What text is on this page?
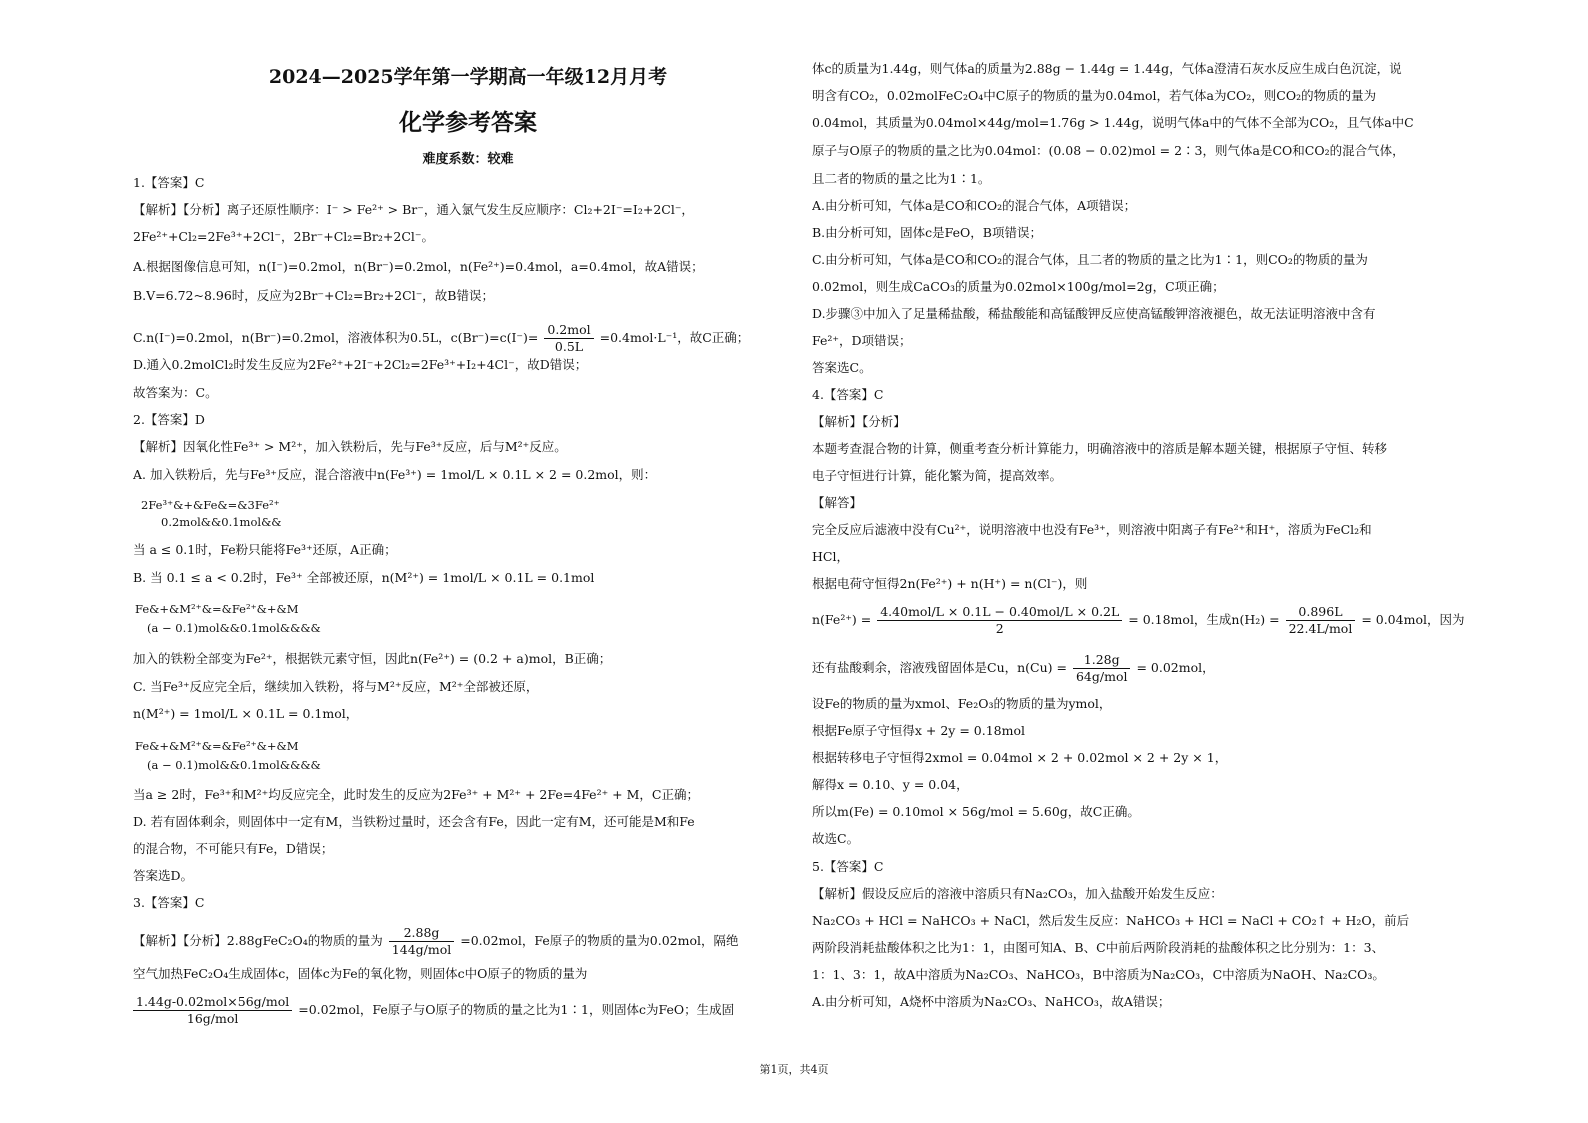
2024—2025学年第一学期高一年级12月月考
化学参考答案
难度系数：较难
1.【答案】C
【解析】【分析】离子还原性顺序：I⁻ > Fe²⁺ > Br⁻，通入氯气发生反应顺序：Cl₂+2I⁻=I₂+2Cl⁻，
2Fe²⁺+Cl₂=2Fe³⁺+2Cl⁻，2Br⁻+Cl₂=Br₂+2Cl⁻。
A.根据图像信息可知，n(I⁻)=0.2mol，n(Br⁻)=0.2mol，n(Fe²⁺)=0.4mol，a=0.4mol，故A错误；
B.V=6.72~8.96时，反应为2Br⁻+Cl₂=Br₂+2Cl⁻，故B错误；
C.n(I⁻)=0.2mol，n(Br⁻)=0.2mol，溶液体积为0.5L，$c(Br^-)=c(I^-)= \frac{\text{0.2mol}}{0.5L} =0.4mol\cdot L^{-1}$，故C正确；
D.通入0.2molCl₂时发生反应为2Fe²⁺+2I⁻+2Cl₂=2Fe³⁺+I₂+4Cl⁻，故D错误；
故答案为：C。
2.【答案】D
【解析】因氧化性Fe³⁺ > M²⁺，加入铁粉后，先与Fe³⁺反应，后与M²⁺反应。
A. 加入铁粉后，先与Fe³⁺反应，混合溶液中n(Fe³⁺) = 1mol/L × 0.1L × 2 = 0.2mol，则：
2Fe³⁺&+&Fe&=&3Fe²⁺
0.2mol&&0.1mol&&
当 a ≤ 0.1时，Fe粉只能将Fe³⁺还原，A正确；
B. 当 0.1 ≤ a < 0.2时，Fe³⁺ 全部被还原，n(M²⁺) = 1mol/L × 0.1L = 0.1mol
Fe&+&M²⁺&=&Fe²⁺&+&M
(a − 0.1)mol&&0.1mol&&&&
加入的铁粉全部变为Fe²⁺，根据铁元素守恒，因此n(Fe²⁺) = (0.2 + a)mol，B正确；
C. 当Fe³⁺反应完全后，继续加入铁粉，将与M²⁺反应，M²⁺全部被还原，
n(M²⁺) = 1mol/L × 0.1L = 0.1mol，
Fe&+&M²⁺&=&Fe²⁺&+&M
(a − 0.1)mol&&0.1mol&&&&
当a ≥ 2时，Fe³⁺和M²⁺均反应完全，此时发生的反应为2Fe³⁺ + M²⁺ + 2Fe=4Fe²⁺ + M，C正确；
D. 若有固体剩余，则固体中一定有M，当铁粉过量时，还会含有Fe，因此一定有M，还可能是M和Fe
的混合物，不可能只有Fe，D错误；
答案选D。
3.【答案】C
【解析】【分析】2.88gFeC₂O₄的物质的量为 $\frac{2.88g}{\text{144g/mol}} =0.02mol$，Fe原子的物质的量为0.02mol，隔绝
空气加热FeC₂O₄生成固体c，固体c为Fe的氧化物，则固体c中O原子的物质的量为
$\frac{\text{1.44g-0.02mol×56g/mol}}{\text{16g/mol}} =0.02mol$，Fe原子与O原子的物质的量之比为1∶1，则固体c为FeO；生成固
体c的质量为1.44g，则气体a的质量为2.88g − 1.44g = 1.44g，气体a澄清石灰水反应生成白色沉淀，说
明含有CO₂，0.02molFeC₂O₄中C原子的物质的量为0.04mol，若气体a为CO₂，则CO₂的物质的量为
0.04mol，其质量为0.04mol×44g/mol=1.76g > 1.44g，说明气体a中的气体不全部为CO₂，且气体a中C
原子与O原子的物质的量之比为0.04mol：(0.08 − 0.02)mol = 2∶3，则气体a是CO和CO₂的混合气体，
且二者的物质的量之比为1∶1。
A.由分析可知，气体a是CO和CO₂的混合气体，A项错误；
B.由分析可知，固体c是FeO，B项错误；
C.由分析可知，气体a是CO和CO₂的混合气体，且二者的物质的量之比为1∶1，则CO₂的物质的量为
0.02mol，则生成CaCO₃的质量为0.02mol×100g/mol=2g，C项正确；
D.步骤③中加入了足量稀盐酸，稀盐酸能和高锰酸钾反应使高锰酸钾溶液褪色，故无法证明溶液中含有
Fe²⁺，D项错误；
答案选C。
4.【答案】C
【解析】【分析】
本题考查混合物的计算，侧重考查分析计算能力，明确溶液中的溶质是解本题关键，根据原子守恒、转移
电子守恒进行计算，能化繁为简，提高效率。
【解答】
完全反应后滤液中没有Cu²⁺，说明溶液中也没有Fe³⁺，则溶液中阳离子有Fe²⁺和H⁺，溶质为FeCl₂和
HCl，
根据电荷守恒得2n(Fe²⁺) + n(H⁺) = n(Cl⁻)，则
$n(Fe^{2+}) = \frac{\text{4.40mol/L × 0.1L − 0.40mol/L × 0.2L}}{2} = 0.18mol$，生成$n(H_2) = \frac{0.896L}{\text{22.4L/mol}} = 0.04mol$，因为
还有盐酸剩余，溶液残留固体是Cu，$n(Cu) = \frac{1.28g}{\text{64g/mol}} = 0.02mol$，
设Fe的物质的量为xmol、Fe₂O₃的物质的量为ymol，
根据Fe原子守恒得x + 2y = 0.18mol
根据转移电子守恒得2xmol = 0.04mol × 2 + 0.02mol × 2 + 2y × 1，
解得x = 0.10、y = 0.04，
所以m(Fe) = 0.10mol × 56g/mol = 5.60g，故C正确。
故选C。
5.【答案】C
【解析】假设反应后的溶液中溶质只有Na₂CO₃，加入盐酸开始发生反应：
Na₂CO₃ + HCl = NaHCO₃ + NaCl，然后发生反应：NaHCO₃ + HCl = NaCl + CO₂↑ + H₂O，前后
两阶段消耗盐酸体积之比为1：1，由图可知A、B、C中前后两阶段消耗的盐酸体积之比分别为：1：3、
1：1、3：1，故A中溶质为Na₂CO₃、NaHCO₃，B中溶质为Na₂CO₃，C中溶质为NaOH、Na₂CO₃。
A.由分析可知，A烧杯中溶质为Na₂CO₃、NaHCO₃，故A错误；
第1页，共4页
